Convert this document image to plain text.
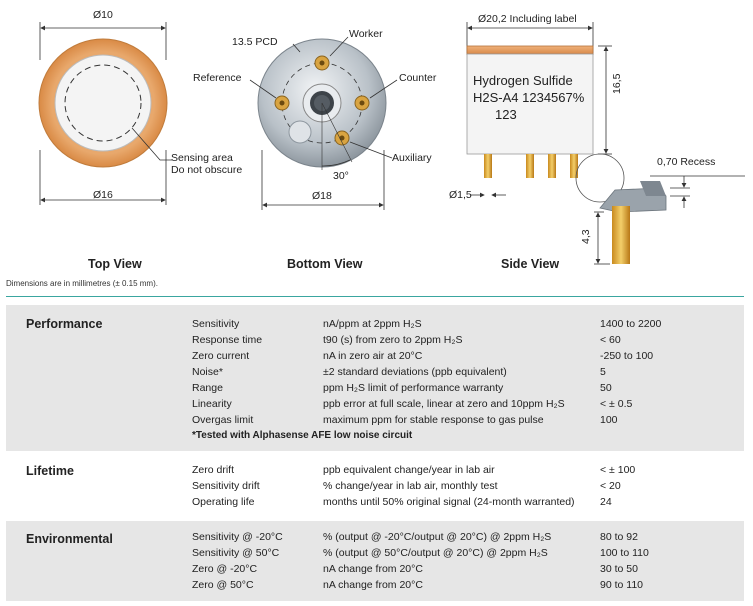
Ø10
Sensing area
Do not obscure
Ø16
Top View
13.5 PCD
Worker
Reference	Counter
Auxiliary
30°
Ø18
Bottom View
Ø20,2 Including label
Hydrogen Sulfide
H2S-A4 1234567%
123
16,5
0,70 Recess
Ø1,5
4,3
Side View
Dimensions are in millimetres (± 0.15 mm).
Performance	Sensitivity	nA/ppm at 2ppm H₂S	1400 to 2200
Response time	t90 (s) from zero to 2ppm H₂S	< 60
Zero current	nA in zero air at 20°C	-250 to 100
Noise*	±2 standard deviations (ppb equivalent)	5
Range	ppm H₂S limit of performance warranty	50
Linearity	ppb error at full scale, linear at zero and 10ppm H₂S	< ± 0.5
Overgas limit	maximum ppm for stable response to gas pulse	100
*Tested with Alphasense AFE low noise circuit
Lifetime	Zero drift	ppb equivalent change/year in lab air	< ± 100
Sensitivity drift	% change/year in lab air, monthly test	< 20
Operating life	months until 50% original signal (24-month warranted) 24
Environmental	Sensitivity @ -20°C	% (output @ -20°C/output @ 20°C) @ 2ppm H₂S	80 to 92
Sensitivity @ 50°C	% (output @ 50°C/output @ 20°C) @ 2ppm H₂S	100 to 110
Zero @ -20°C	nA change from 20°C	30 to 50
Zero @ 50°C	nA change from 20°C	90 to 110
